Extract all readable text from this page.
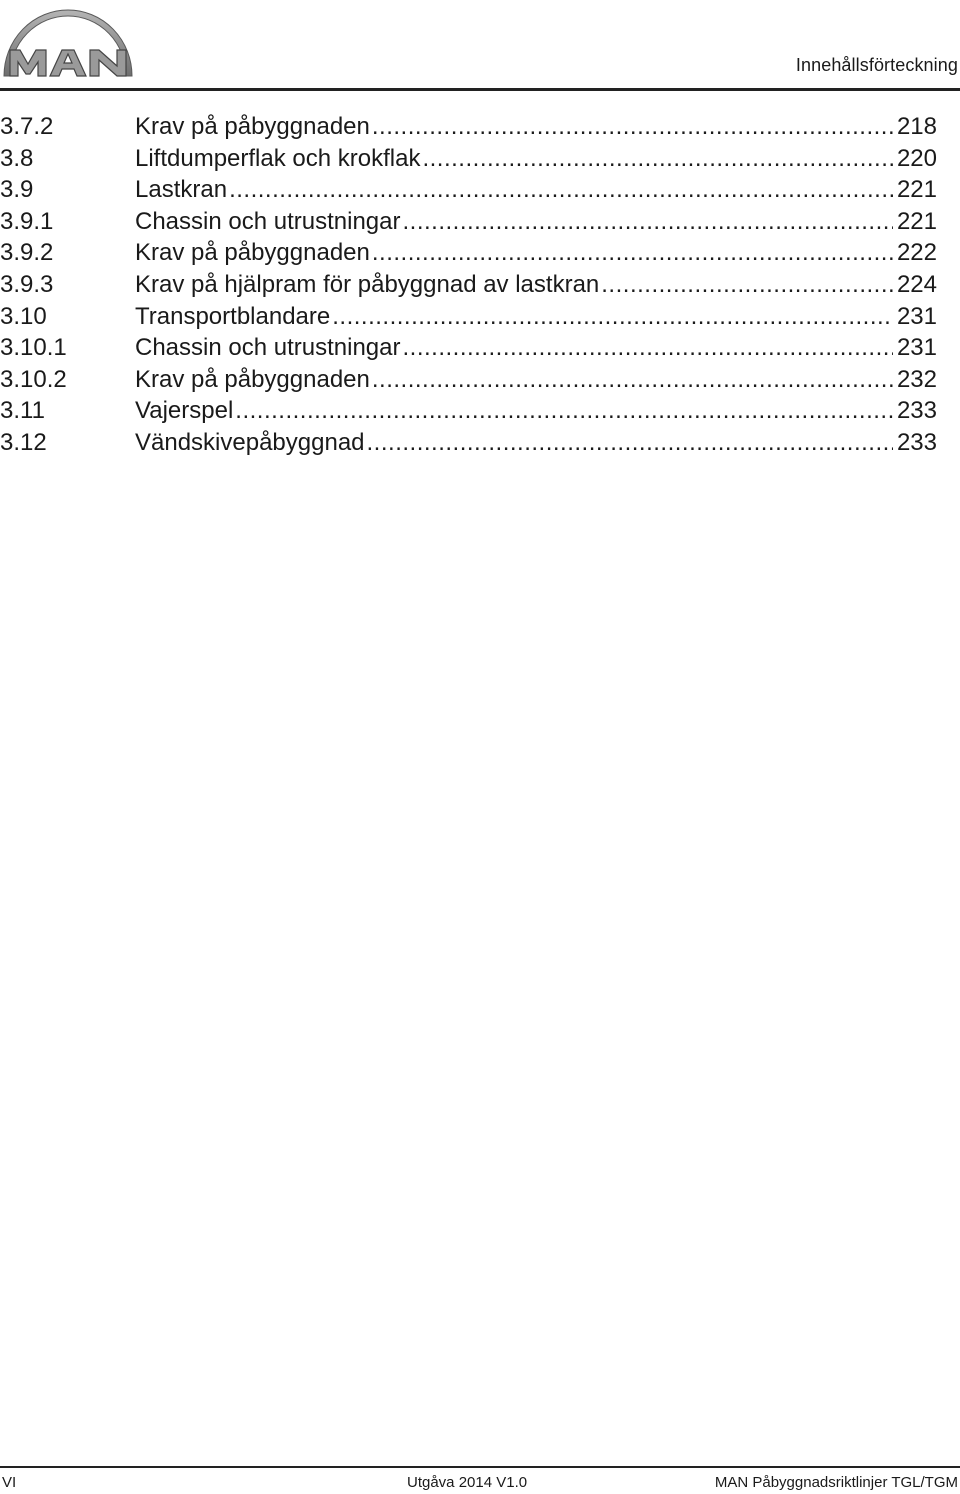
Innehållsförteckning
3.7.2	Krav på påbyggnaden .....	218
3.8	Liftdumperflak och krokflak .....	220
3.9	Lastkran .....	221
3.9.1	Chassin och utrustningar .....	221
3.9.2	Krav på påbyggnaden .....	222
3.9.3	Krav på hjälpram för påbyggnad av lastkran .....	224
3.10	Transportblandare .....	231
3.10.1	Chassin och utrustningar .....	231
3.10.2	Krav på påbyggnaden .....	232
3.11	Vajerspel .....	233
3.12	Vändskivepåbyggnad .....	233
VI	Utgåva 2014 V1.0	MAN Påbyggnadsriktlinjer TGL/TGM
